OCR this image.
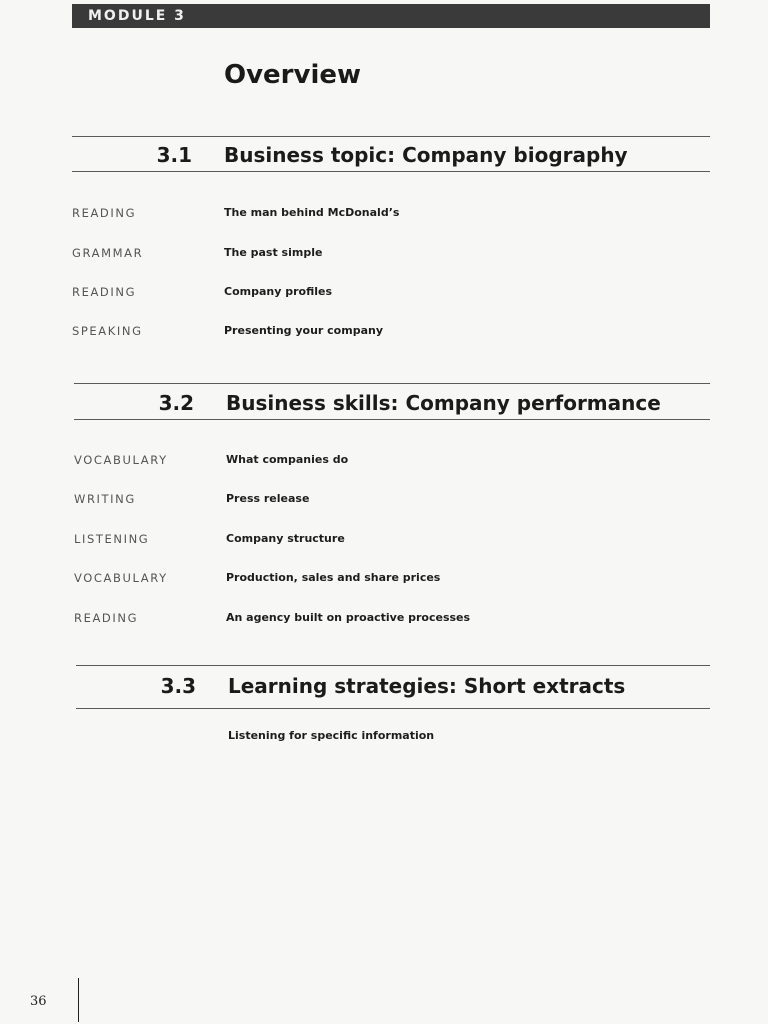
MODULE 3
Overview
3.1 Business topic: Company biography
READING	The man behind McDonald’s
GRAMMAR	The past simple
READING	Company profiles
SPEAKING	Presenting your company
3.2 Business skills: Company performance
VOCABULARY	What companies do
WRITING	Press release
LISTENING	Company structure
VOCABULARY	Production, sales and share prices
READING	An agency built on proactive processes
3.3 Learning strategies: Short extracts
Listening for specific information
36
